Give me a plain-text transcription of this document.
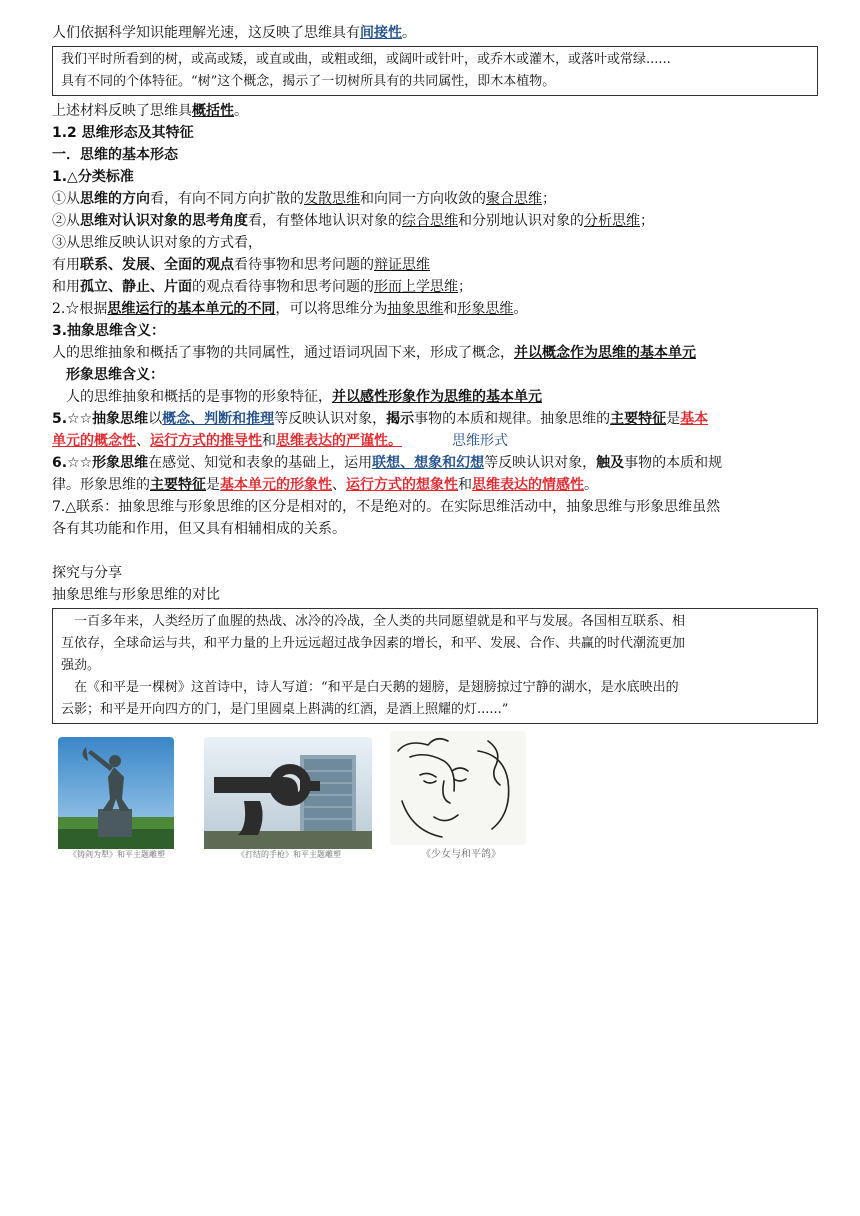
人们依据科学知识能理解光速，这反映了思维具有间接性。
我们平时所看到的树，或高或矮，或直或曲，或粗或细，或阔叶或针叶，或乔木或灌木，或落叶或常绿......
具有不同的个体特征。“树”这个概念，揭示了一切树所具有的共同属性，即木本植物。
上述材料反映了思维具概括性。
1.2 思维形态及其特征
一．思维的基本形态
1.△分类标准
①从思维的方向看，有向不同方向扩散的发散思维和向同一方向收敛的聚合思维；
②从思维对认识对象的思考角度看，有整体地认识对象的综合思维和分别地认识对象的分析思维；
③从思维反映认识对象的方式看，
有用联系、发展、全面的观点看待事物和思考问题的辩证思维
和用孤立、静止、片面的观点看待事物和思考问题的形而上学思维；
2.☆根据思维运行的基本单元的不同，可以将思维分为抽象思维和形象思维。
3.抽象思维含义：
人的思维抽象和概括了事物的共同属性，通过语词巩固下来，形成了概念，并以概念作为思维的基本单元
形象思维含义：
人的思维抽象和概括的是事物的形象特征，并以感性形象作为思维的基本单元
5.☆☆抽象思维以概念、判断和推理等反映认识对象，揭示事物的本质和规律。抽象思维的主要特征是基本
单元的概念性、运行方式的推导性和思维表达的严谨性。	思维形式
6.☆☆形象思维在感觉、知觉和表象的基础上，运用联想、想象和幻想等反映认识对象，触及事物的本质和规
律。形象思维的主要特征是基本单元的形象性、运行方式的想象性和思维表达的情感性。
7.△联系：抽象思维与形象思维的区分是相对的，不是绝对的。在实际思维活动中，抽象思维与形象思维虽然
各有其功能和作用，但又具有相辅相成的关系。
探究与分享
抽象思维与形象思维的对比
　一百多年来，人类经历了血腥的热战、冰冷的冷战，全人类的共同愿望就是和平与发展。各国相互联系、相
互依存，全球命运与共，和平力量的上升远远超过战争因素的增长，和平、发展、合作、共赢的时代潮流更加
强劲。
　在《和平是一棵树》这首诗中，诗人写道：“和平是白天鹅的翅膀，是翅膀掠过宁静的湖水，是水底映出的
云影；和平是开向四方的门，是门里圆桌上斟满的红酒，是酒上照耀的灯......”
《铸剑为犁》和平主题雕塑	《打结的手枪》和平主题雕塑	《少女与和平鸽》
